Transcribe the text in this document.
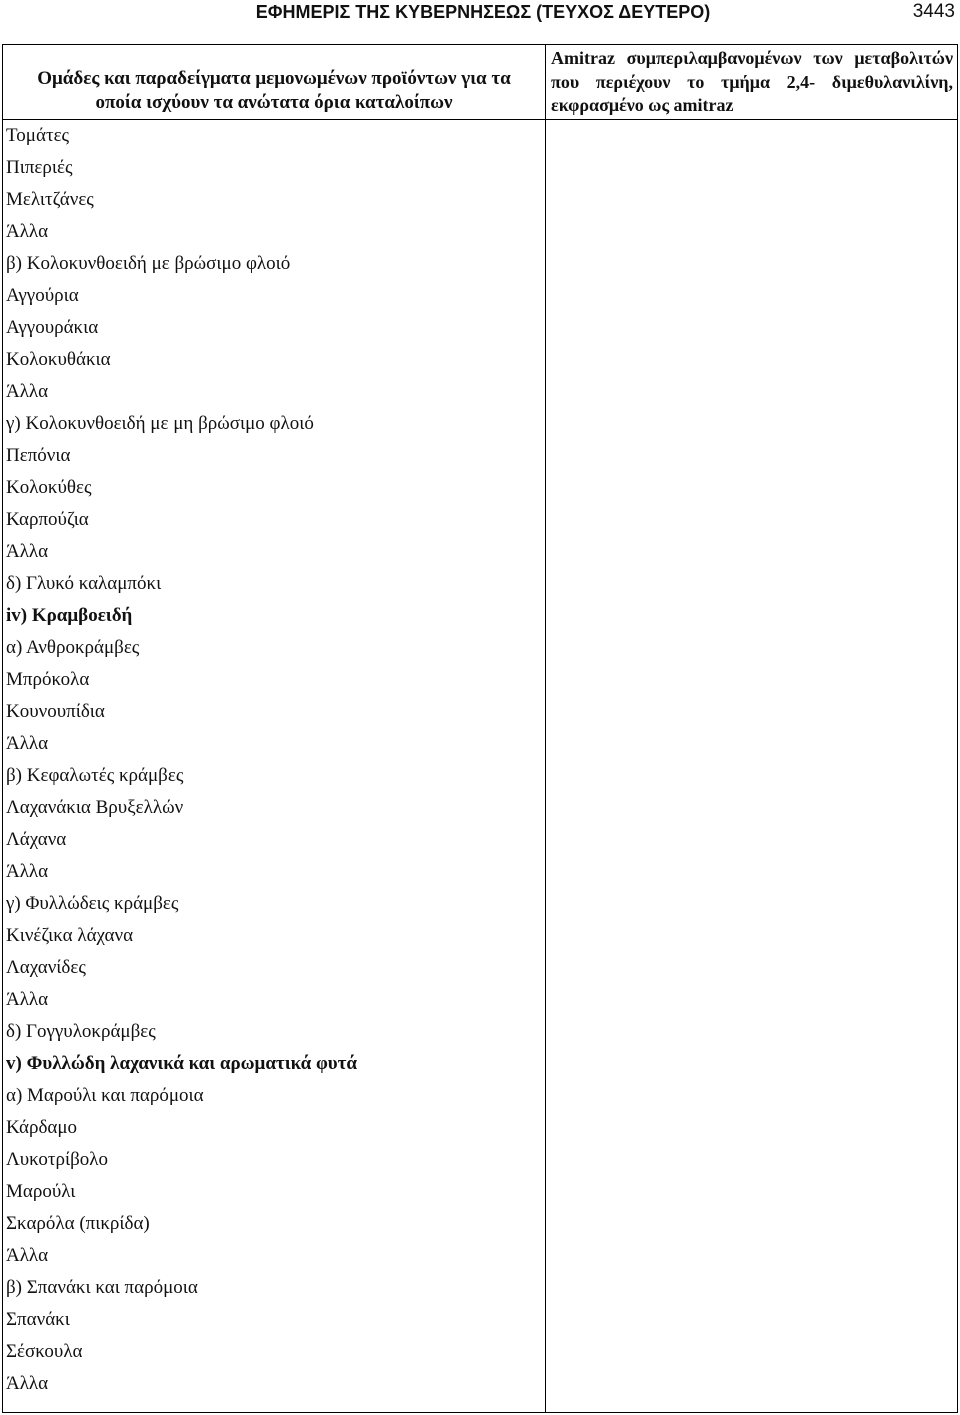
ΕΦΗΜΕΡΙΣ ΤΗΣ ΚΥΒΕΡΝΗΣΕΩΣ (ΤΕΥΧΟΣ ΔΕΥΤΕΡΟ)	3443
Ομάδες και παραδείγματα μεμονωμένων προϊόντων για τα
οποία ισχύουν τα ανώτατα όρια καταλοίπων
Amitraz συμπεριλαμβανομένων των μεταβολιτών
που περιέχουν το τμήμα 2,4- διμεθυλανιλίνη,
εκφρασμένο ως amitraz
Τομάτες
Πιπεριές
Μελιτζάνες
Άλλα
β) Κολοκυνθοειδή με βρώσιμο φλοιό
Αγγούρια
Αγγουράκια
Κολοκυθάκια
Άλλα
γ) Κολοκυνθοειδή με μη βρώσιμο φλοιό
Πεπόνια
Κολοκύθες
Καρπούζια
Άλλα
δ) Γλυκό καλαμπόκι
iv) Κραμβοειδή
α) Ανθροκράμβες
Μπρόκολα
Κουνουπίδια
Άλλα
β) Κεφαλωτές κράμβες
Λαχανάκια Βρυξελλών
Λάχανα
Άλλα
γ) Φυλλώδεις κράμβες
Κινέζικα λάχανα
Λαχανίδες
Άλλα
δ) Γογγυλοκράμβες
v) Φυλλώδη λαχανικά και αρωματικά φυτά
α) Μαρούλι και παρόμοια
Κάρδαμο
Λυκοτρίβολο
Μαρούλι
Σκαρόλα (πικρίδα)
Άλλα
β) Σπανάκι και παρόμοια
Σπανάκι
Σέσκουλα
Άλλα
